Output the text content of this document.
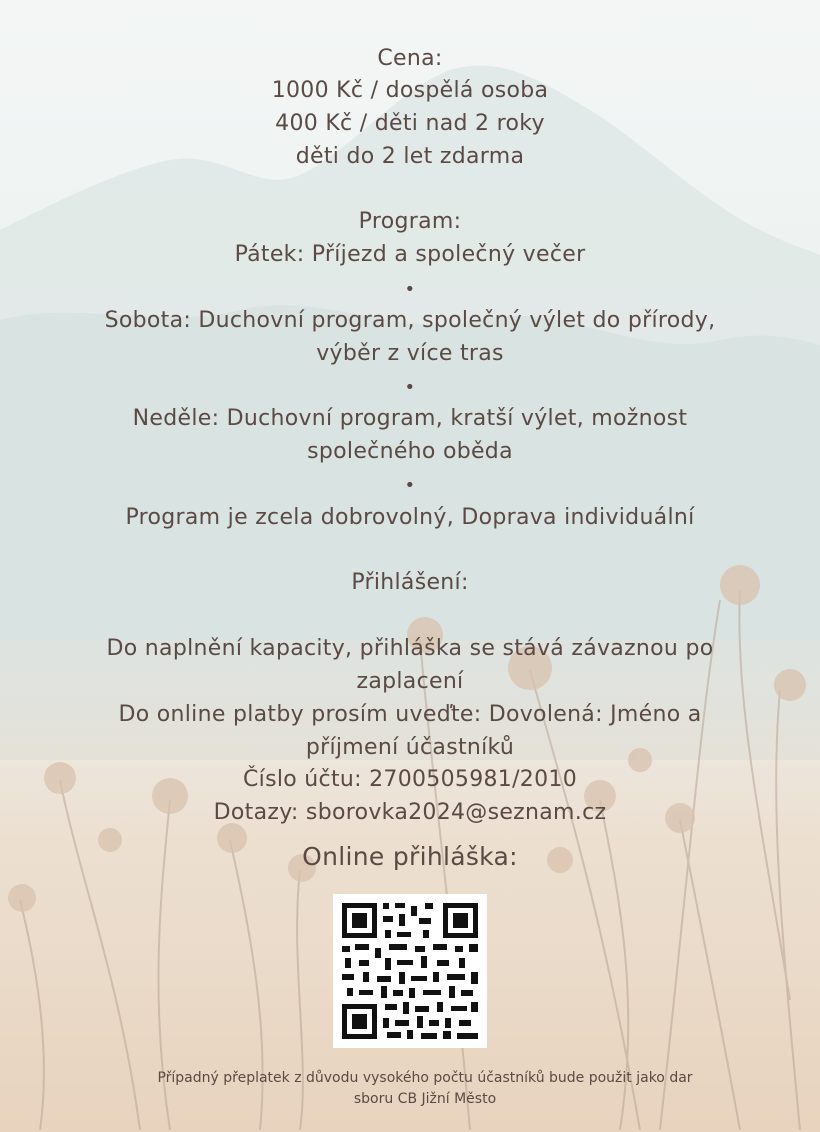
Cena:
1000 Kč / dospělá osoba
400 Kč / děti nad 2 roky
děti do 2 let zdarma
Program:
Pátek: Příjezd a společný večer
•
Sobota: Duchovní program, společný výlet do přírody,
výběr z více tras
•
Neděle: Duchovní program, kratší výlet, možnost
společného oběda
•
Program je zcela dobrovolný, Doprava individuální
Přihlášení:
Do naplnění kapacity, přihláška se stává závaznou po
zaplacení
Do online platby prosím uveďte: Dovolená: Jméno a
příjmení účastníků
Číslo účtu: 2700505981/2010
Dotazy: sborovka2024@seznam.cz
Online přihláška:
Případný přeplatek z důvodu vysokého počtu účastníků bude použit jako dar
sboru CB Jižní Město
